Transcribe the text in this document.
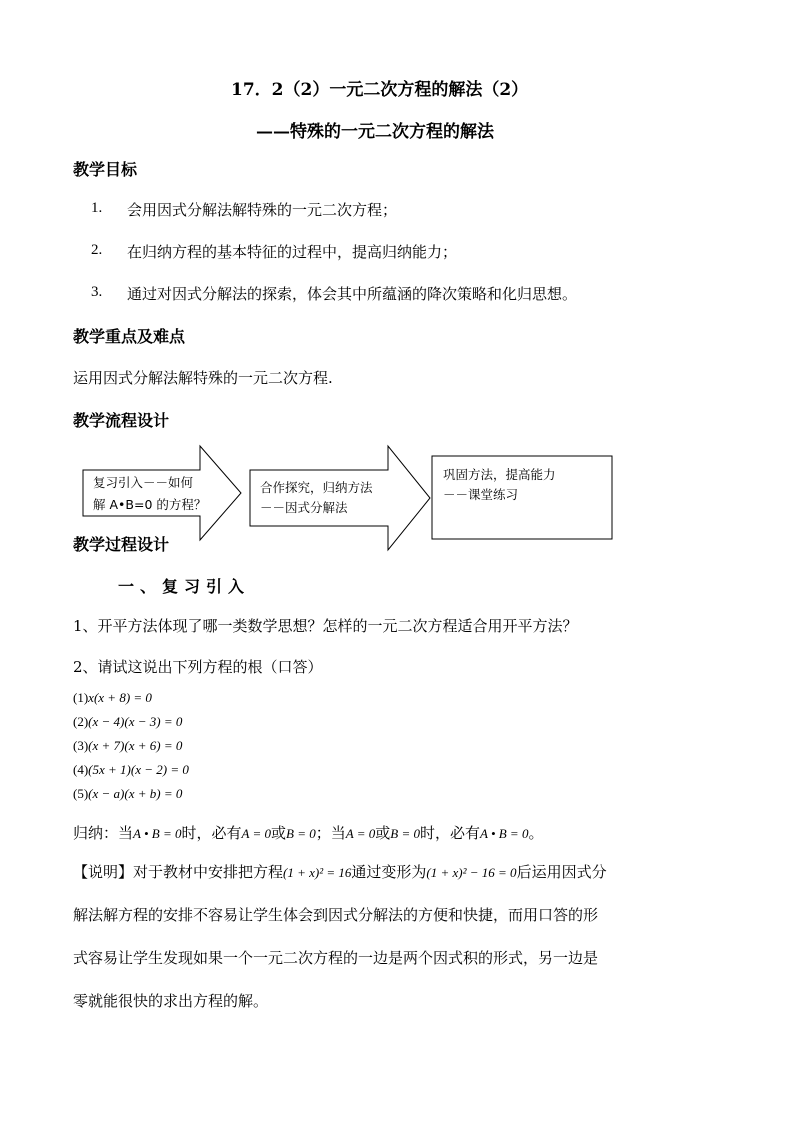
17．2（2）一元二次方程的解法（2）
——特殊的一元二次方程的解法
教学目标
1. 会用因式分解法解特殊的一元二次方程；
2. 在归纳方程的基本特征的过程中，提高归纳能力；
3. 通过对因式分解法的探索，体会其中所蕴涵的降次策略和化归思想。
教学重点及难点
运用因式分解法解特殊的一元二次方程.
教学流程设计
复习引入－－如何
解 A•B=0 的方程？
合作探究，归纳方法
－－因式分解法
巩固方法，提高能力
－－课堂练习
教学过程设计
一、复习引入
1、开平方法体现了哪一类数学思想？怎样的一元二次方程适合用开平方法？
2、请试这说出下列方程的根（口答）
(1)x(x + 8) = 0
(2)(x − 4)(x − 3) = 0
(3)(x + 7)(x + 6) = 0
(4)(5x + 1)(x − 2) = 0
(5)(x − a)(x + b) = 0
归纳：当A • B = 0时，必有A = 0或B = 0；当A = 0或B = 0时，必有A • B = 0。
【说明】对于教材中安排把方程(1 + x)² = 16通过变形为(1 + x)² − 16 = 0后运用因式分
解法解方程的安排不容易让学生体会到因式分解法的方便和快捷，而用口答的形
式容易让学生发现如果一个一元二次方程的一边是两个因式积的形式，另一边是
零就能很快的求出方程的解。
